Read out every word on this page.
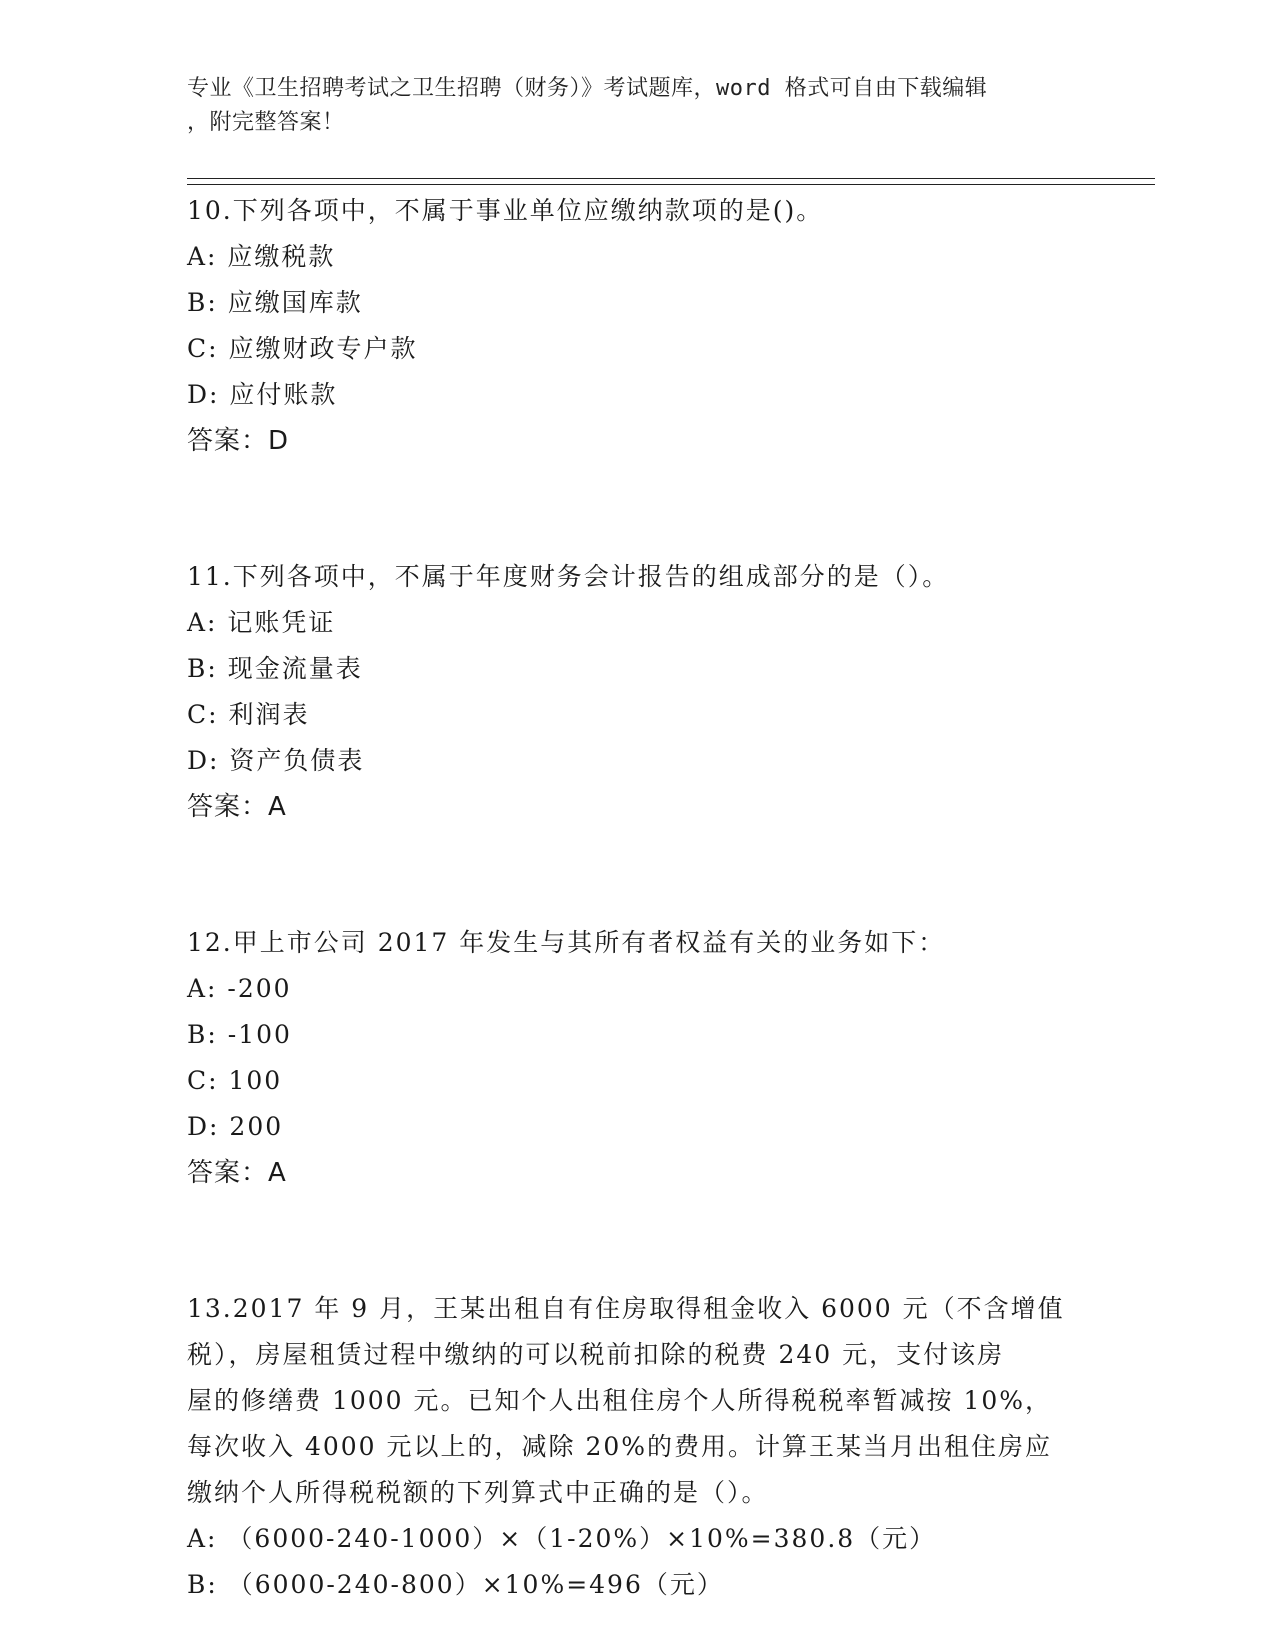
专业《卫生招聘考试之卫生招聘（财务）》考试题库，word 格式可自由下载编辑
，附完整答案！

10.下列各项中，不属于事业单位应缴纳款项的是()。

A: 应缴税款

B: 应缴国库款

C: 应缴财政专户款

D: 应付账款

答案：D

11.下列各项中，不属于年度财务会计报告的组成部分的是（）。

A: 记账凭证

B: 现金流量表

C: 利润表

D: 资产负债表

答案：A

12.甲上市公司 2017 年发生与其所有者权益有关的业务如下：

A: -200

B: -100

C: 100

D: 200

答案：A

13.2017 年 9 月，王某出租自有住房取得租金收入 6000 元（不含增值

税），房屋租赁过程中缴纳的可以税前扣除的税费 240 元，支付该房

屋的修缮费 1000 元。已知个人出租住房个人所得税税率暂减按 10%，

每次收入 4000 元以上的，减除 20%的费用。计算王某当月出租住房应

缴纳个人所得税税额的下列算式中正确的是（）。

A: （6000-240-1000）×（1-20%）×10%=380.8（元）

B: （6000-240-800）×10%=496（元）
